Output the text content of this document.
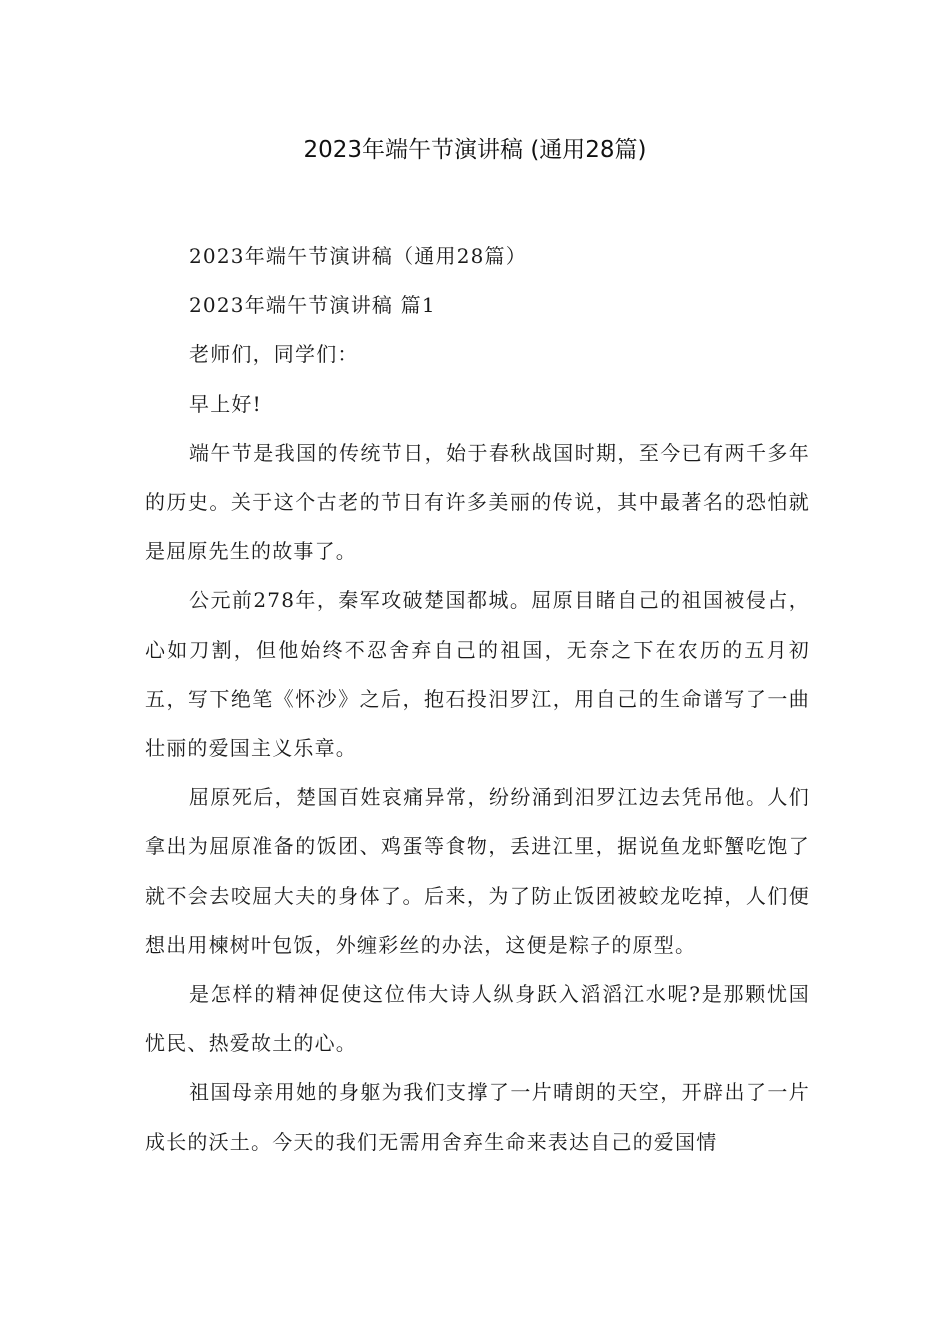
2023年端午节演讲稿 (通用28篇)

2023年端午节演讲稿（通用28篇）

2023年端午节演讲稿 篇1

老师们，同学们：

早上好!

端午节是我国的传统节日，始于春秋战国时期，至今已有两千多年的历史。关于这个古老的节日有许多美丽的传说，其中最著名的恐怕就是屈原先生的故事了。

公元前278年，秦军攻破楚国都城。屈原目睹自己的祖国被侵占，心如刀割，但他始终不忍舍弃自己的祖国，无奈之下在农历的五月初五，写下绝笔《怀沙》之后，抱石投汨罗江，用自己的生命谱写了一曲壮丽的爱国主义乐章。

屈原死后，楚国百姓哀痛异常，纷纷涌到汨罗江边去凭吊他。人们拿出为屈原准备的饭团、鸡蛋等食物，丢进江里，据说鱼龙虾蟹吃饱了就不会去咬屈大夫的身体了。后来，为了防止饭团被蛟龙吃掉，人们便想出用楝树叶包饭，外缠彩丝的办法，这便是粽子的原型。

是怎样的精神促使这位伟大诗人纵身跃入滔滔江水呢?是那颗忧国忧民、热爱故土的心。

祖国母亲用她的身躯为我们支撑了一片晴朗的天空，开辟出了一片成长的沃土。今天的我们无需用舍弃生命来表达自己的爱国情
